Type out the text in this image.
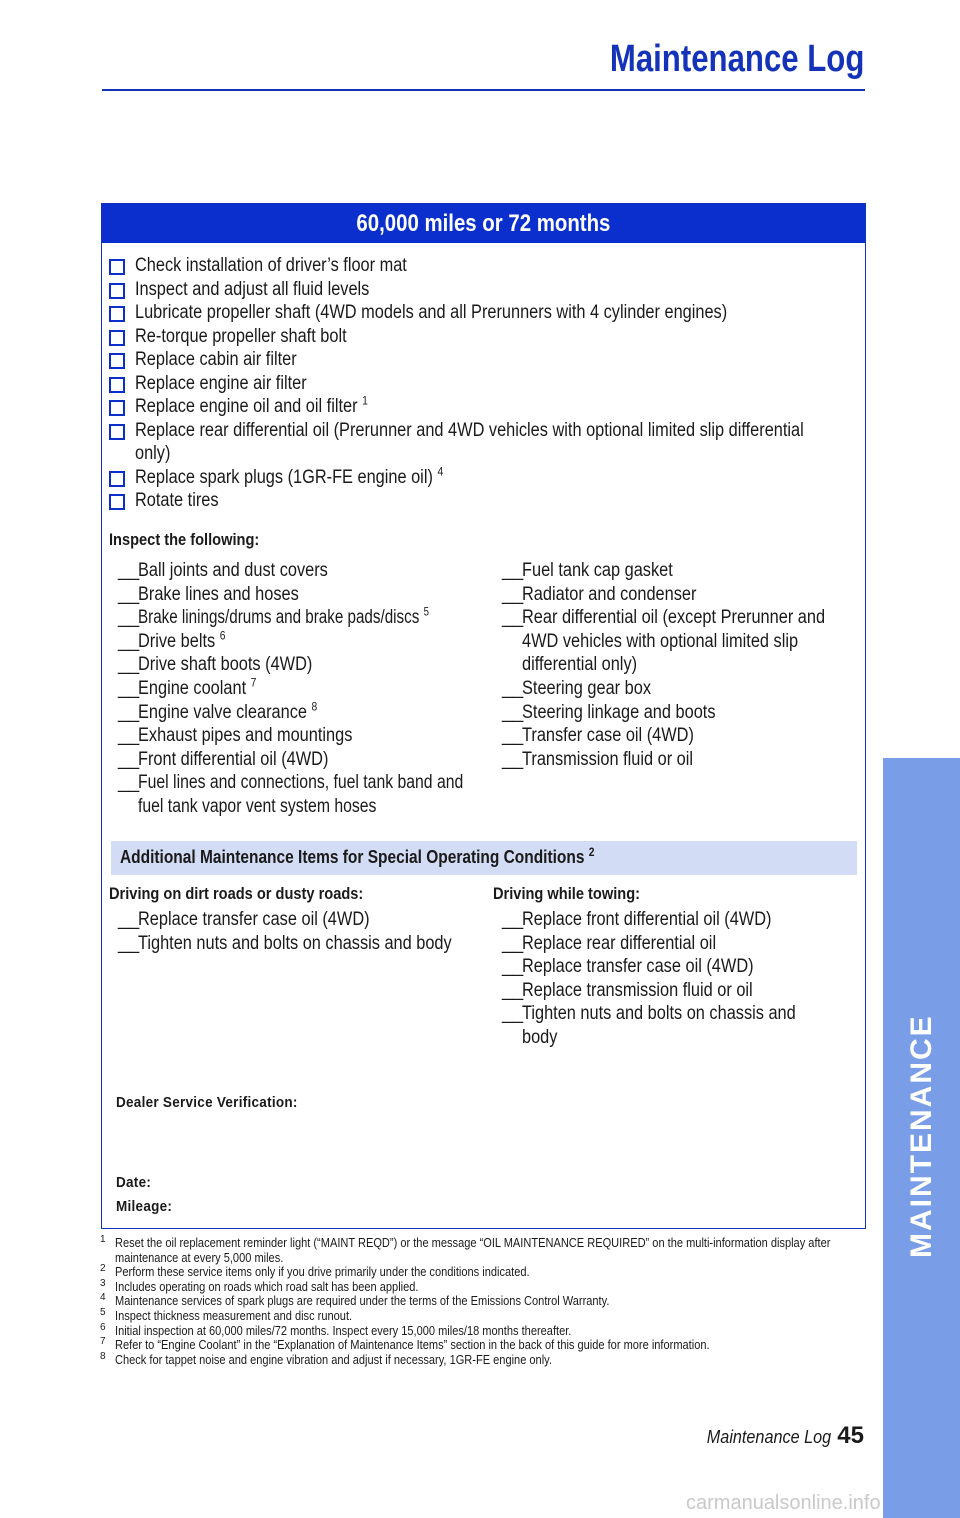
Maintenance Log
60,000 miles or 72 months
Check installation of driver’s floor mat
Inspect and adjust all fluid levels
Lubricate propeller shaft (4WD models and all Prerunners with 4 cylinder engines)
Re-torque propeller shaft bolt
Replace cabin air filter
Replace engine air filter
Replace engine oil and oil filter $^1$
Replace rear differential oil (Prerunner and 4WD vehicles with optional limited slip differential only)
Replace spark plugs (1GR-FE engine oil) $^4$
Rotate tires
Inspect the following:
__
Ball joints and dust covers
__
Brake lines and hoses
__
Brake linings/drums and brake pads/discs $^5$
__
Drive belts $^6$
__
Drive shaft boots (4WD)
__
Engine coolant $^7$
__
Engine valve clearance $^8$
__
Exhaust pipes and mountings
__
Front differential oil (4WD)
__
Fuel lines and connections, fuel tank band and fuel tank vapor vent system hoses
__
Fuel tank cap gasket
__
Radiator and condenser
__
Rear differential oil (except Prerunner and 4WD vehicles with optional limited slip differential only)
__
Steering gear box
__
Steering linkage and boots
__
Transfer case oil (4WD)
__
Transmission fluid or oil
Additional Maintenance Items for Special Operating Conditions $^2$
Driving on dirt roads or dusty roads:
__
Replace transfer case oil (4WD)
__
Tighten nuts and bolts on chassis and body
Driving while towing:
__
Replace front differential oil (4WD)
__
Replace rear differential oil
__
Replace transfer case oil (4WD)
__
Replace transmission fluid or oil
__
Tighten nuts and bolts on chassis and body
Dealer Service Verification:
Date:
Mileage:
1 Reset the oil replacement reminder light (“MAINT REQD”) or the message “OIL MAINTENANCE REQUIRED” on the multi-information display after maintenance at every 5,000 miles.
2 Perform these service items only if you drive primarily under the conditions indicated.
3 Includes operating on roads which road salt has been applied.
4 Maintenance services of spark plugs are required under the terms of the Emissions Control Warranty.
5 Inspect thickness measurement and disc runout.
6 Initial inspection at 60,000 miles/72 months. Inspect every 15,000 miles/18 months thereafter.
7 Refer to “Engine Coolant” in the “Explanation of Maintenance Items” section in the back of this guide for more information.
8 Check for tappet noise and engine vibration and adjust if necessary, 1GR-FE engine only.
Maintenance Log 45
MAINTENANCE
carmanualsonline.info
